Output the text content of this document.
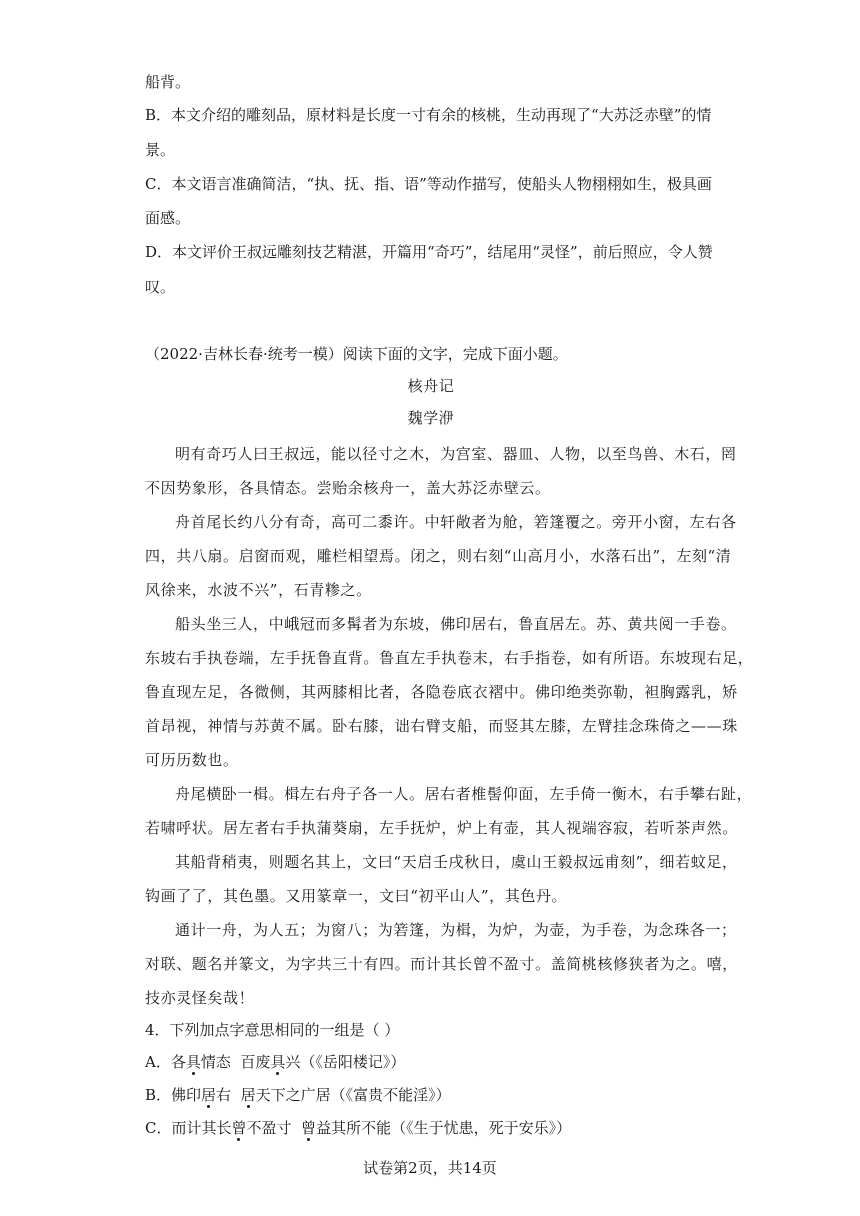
船背。
B．本文介绍的雕刻品，原材料是长度一寸有余的核桃，生动再现了“大苏泛赤壁”的情
景。
C．本文语言准确简洁，“执、抚、指、语”等动作描写，使船头人物栩栩如生，极具画
面感。
D．本文评价王叔远雕刻技艺精湛，开篇用“奇巧”，结尾用“灵怪”，前后照应，令人赞
叹。
（2022·吉林长春·统考一模）阅读下面的文字，完成下面小题。
核舟记
魏学洢
明有奇巧人曰王叔远，能以径寸之木，为宫室、器皿、人物，以至鸟兽、木石，罔
不因势象形，各具情态。尝贻余核舟一，盖大苏泛赤壁云。
舟首尾长约八分有奇，高可二黍许。中轩敞者为舱，箬篷覆之。旁开小窗，左右各
四，共八扇。启窗而观，雕栏相望焉。闭之，则右刻“山高月小，水落石出”，左刻“清
风徐来，水波不兴”，石青糁之。
船头坐三人，中峨冠而多髯者为东坡，佛印居右，鲁直居左。苏、黄共阅一手卷。
东坡右手执卷端，左手抚鲁直背。鲁直左手执卷末，右手指卷，如有所语。东坡现右足，
鲁直现左足，各微侧，其两膝相比者，各隐卷底衣褶中。佛印绝类弥勒，袒胸露乳，矫
首昂视，神情与苏黄不属。卧右膝，诎右臂支船，而竖其左膝，左臂挂念珠倚之——珠
可历历数也。
舟尾横卧一楫。楫左右舟子各一人。居右者椎髻仰面，左手倚一衡木，右手攀右趾，
若啸呼状。居左者右手执蒲葵扇，左手抚炉，炉上有壶，其人视端容寂，若听茶声然。
其船背稍夷，则题名其上，文曰“天启壬戌秋日，虞山王毅叔远甫刻”，细若蚊足，
钩画了了，其色墨。又用篆章一，文曰“初平山人”，其色丹。
通计一舟，为人五；为窗八；为箬篷，为楫，为炉，为壶，为手卷，为念珠各一；
对联、题名并篆文，为字共三十有四。而计其长曾不盈寸。盖简桃核修狭者为之。嘻，
技亦灵怪矣哉！
4．下列加点字意思相同的一组是（ ）
A．各具情态  百废具兴（《岳阳楼记》）
B．佛印居右  居天下之广居（《富贵不能淫》）
C．而计其长曾不盈寸  曾益其所不能（《生于忧患，死于安乐》）
试卷第2页，共14页
